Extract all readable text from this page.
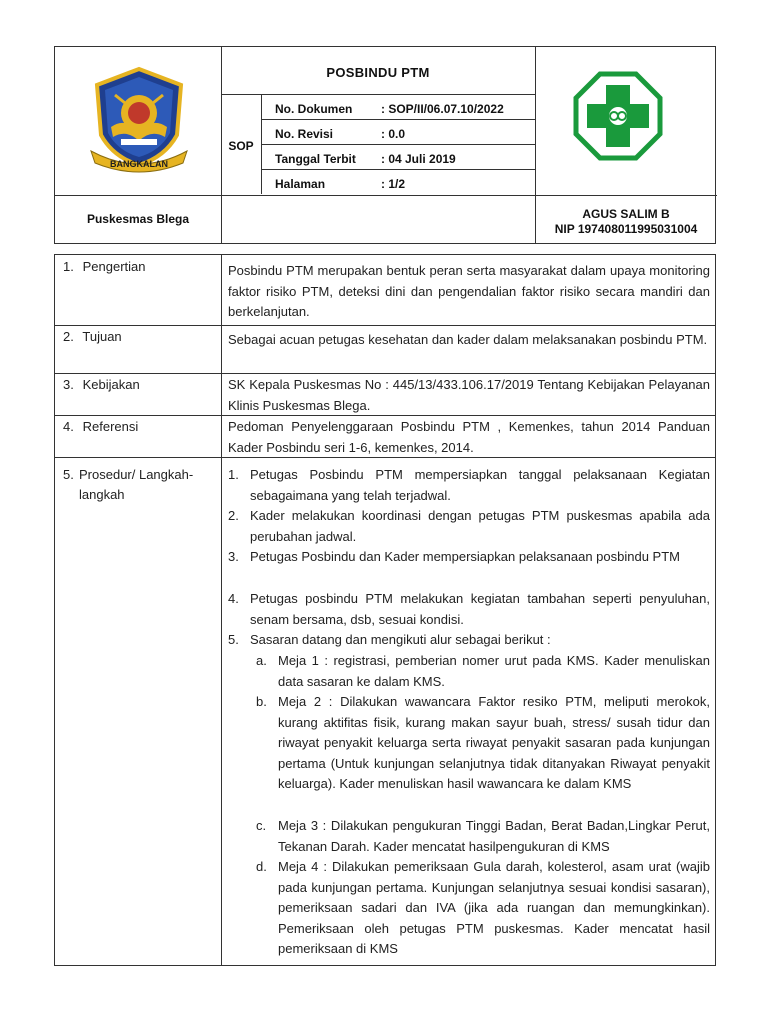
BANGKALAN
POSBINDU PTM
SOP
No. Dokumen : SOP/II/06.07.10/2022
No. Revisi	: 0.0
Tanggal Terbit : 04 Juli 2019
Halaman	: 1/2
Puskesmas Blega	AGUS SALIM B
NIP 197408011995031004
1. Pengertian	Posbindu PTM merupakan bentuk peran serta masyarakat dalam upaya monitoring faktor risiko PTM, deteksi dini dan pengendalian faktor risiko secara mandiri dan berkelanjutan.
2. Tujuan	Sebagai acuan petugas kesehatan dan kader dalam melaksanakan posbindu PTM.
3. Kebijakan	SK Kepala Puskesmas No : 445/13/433.106.17/2019 Tentang Kebijakan Pelayanan Klinis Puskesmas Blega.
4. Referensi	Pedoman Penyelenggaraan Posbindu PTM , Kemenkes, tahun 2014 Panduan Kader Posbindu seri 1-6, kemenkes, 2014.
5. Prosedur/ Langkah-
langkah
1. Petugas Posbindu PTM mempersiapkan tanggal pelaksanaan Kegiatan sebagaimana yang telah terjadwal.
2. Kader melakukan koordinasi dengan petugas PTM puskesmas apabila ada perubahan jadwal.
3. Petugas Posbindu dan Kader mempersiapkan pelaksanaan posbindu PTM
4. Petugas posbindu PTM melakukan kegiatan tambahan seperti penyuluhan, senam bersama, dsb, sesuai kondisi.
5. Sasaran datang dan mengikuti alur sebagai berikut :
a. Meja 1 : registrasi, pemberian nomer urut pada KMS. Kader menuliskan data sasaran ke dalam KMS.
b. Meja 2 : Dilakukan wawancara Faktor resiko PTM, meliputi merokok, kurang aktifitas fisik, kurang makan sayur buah, stress/ susah tidur dan riwayat penyakit keluarga serta riwayat penyakit sasaran pada kunjungan pertama (Untuk kunjungan selanjutnya tidak ditanyakan Riwayat penyakit keluarga). Kader menuliskan hasil wawancara ke dalam KMS
c. Meja 3 : Dilakukan pengukuran Tinggi Badan, Berat Badan,Lingkar Perut, Tekanan Darah. Kader mencatat hasilpengukuran di KMS
d. Meja 4 : Dilakukan pemeriksaan Gula darah, kolesterol, asam urat (wajib pada kunjungan pertama. Kunjungan selanjutnya sesuai kondisi sasaran), pemeriksaan sadari dan IVA (jika ada ruangan dan memungkinkan). Pemeriksaan oleh petugas PTM puskesmas. Kader mencatat hasil pemeriksaan di KMS
